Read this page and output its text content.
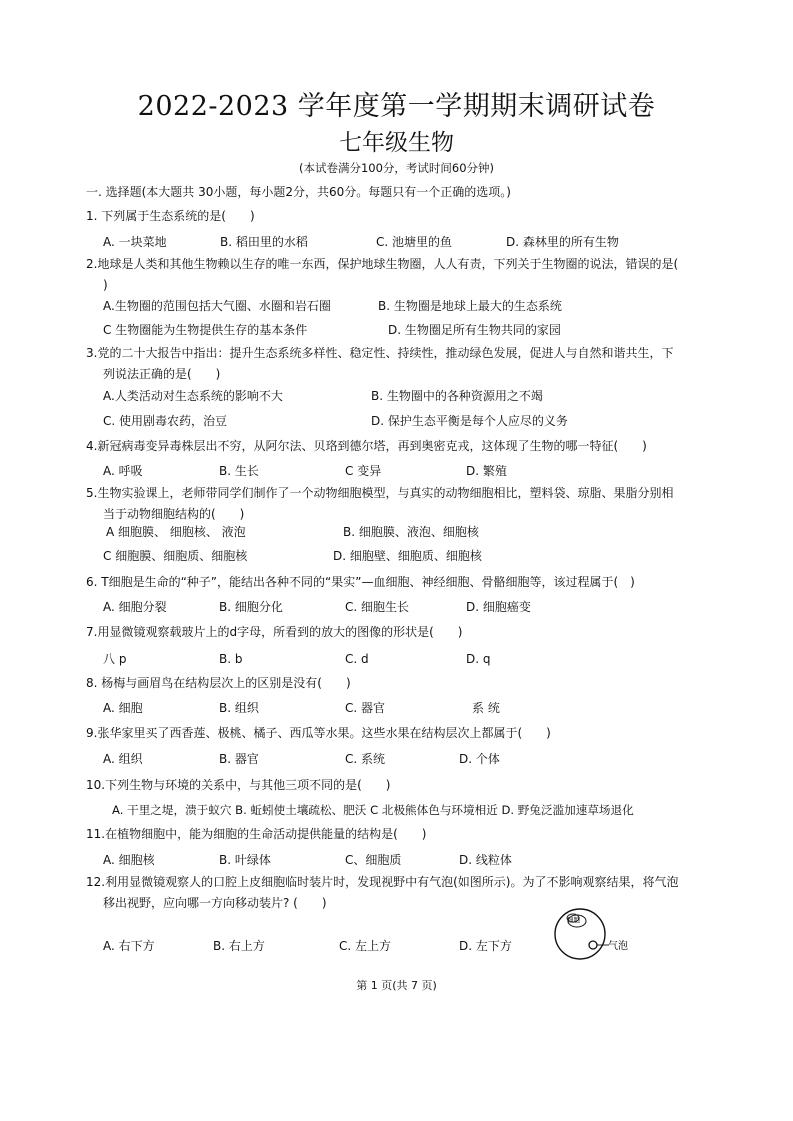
2022-2023 学年度第一学期期末调研试卷
七年级生物
(本试卷满分100分，考试时间60分钟)
一. 选择题(本大题共 30小题，每小题2分，共60分。每题只有一个正确的选项。)
1. 下列属于生态系统的是(　　)
A. 一块菜地	B. 稻田里的水稻	C. 池塘里的鱼	D. 森林里的所有生物
2.地球是人类和其他生物赖以生存的唯一东西，保护地球生物圈，人人有责，下列关于生物圈的说法，错误的是(
)
A.生物圈的范围包括大气圈、水圈和岩石圈	B. 生物圈是地球上最大的生态系统
C 生物圈能为生物提供生存的基本条件	D. 生物圈足所有生物共同的家园
3.党的二十大报告中指出：提升生态系统多样性、稳定性、持续性，推动绿色发展，促进人与自然和谐共生，下
列说法正确的是(　　)
A.人类活动对生态系统的影响不大	B. 生物圈中的各种资源用之不竭
C. 使用剧毒农药，治豆	D. 保护生态平衡是每个人应尽的义务
4.新冠病毒变异毒株层出不穷，从阿尔法、贝珞到德尔塔，再到奥密克戎，这体现了生物的哪一特征(　　)
A. 呼吸	B. 生长	C 变异	D. 繁殖
5.生物实验课上，老师带同学们制作了一个动物细胞模型，与真实的动物细胞相比，塑料袋、琼脂、果脂分别相
当于动物细胞结构的(　　)
A 细胞膜、 细胞核、 液泡	B. 细胞膜、液泡、细胞核
C 细胞膜、细胞质、细胞核	D. 细胞壁、细胞质、细胞核
6. T细胞是生命的“种子”，能结出各种不同的“果实”—血细胞、神经细胞、骨骼细胞等，该过程属于(　)
A. 细胞分裂	B. 细胞分化	C. 细胞生长	D. 细胞癌变
7.用显微镜观察载玻片上的d字母，所看到的放大的图像的形状是(　　)
八 p	B. b	C. d	D. q
8. 杨梅与画眉鸟在结构层次上的区别是没有(　　)
A. 细胞	B. 组织	C. 器官	系 统
9.张华家里买了西香莲、极桃、橘子、西瓜等水果。这些水果在结构层次上都属于(　　)
A. 组织	B. 器官	C. 系统	D. 个体
10.下列生物与环境的关系中，与其他三项不同的是(　　)
A. 干里之堤，溃于蚁穴 B. 蚯蚓使土壤疏松、肥沃 C 北极熊体色与环境相近 D. 野兔泛滥加速草场退化
11.在植物细胞中，能为细胞的生命活动提供能量的结构是(　　)
A. 细胞核	B. 叶绿体	C、细胞质	D. 线粒体
12.利用显微镜观察人的口腔上皮细胞临时装片时，发现视野中有气泡(如图所示)。为了不影响观察结果，将气泡
移出视野，应向哪一方向移动装片? (　　)
A. 右下方	B. 右上方	C. 左上方	D. 左下方
细胞
气泡
第 1 页(共 7 页)
